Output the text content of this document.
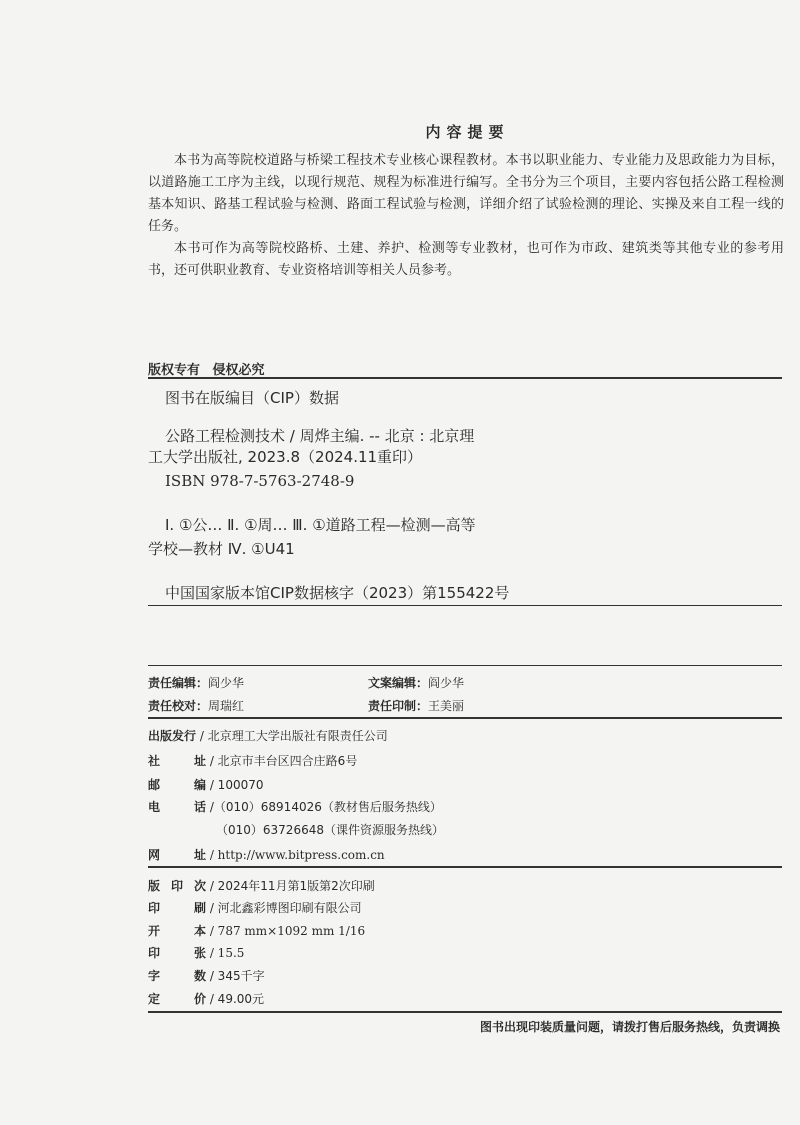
内容提要

本书为高等院校道路与桥梁工程技术专业核心课程教材。本书以职业能力、专业能力及思政能力为目标，以道路施工工序为主线，以现行规范、规程为标准进行编写。全书分为三个项目，主要内容包括公路工程检测基本知识、路基工程试验与检测、路面工程试验与检测，详细介绍了试验检测的理论、实操及来自工程一线的任务。

本书可作为高等院校路桥、土建、养护、检测等专业教材，也可作为市政、建筑类等其他专业的参考用书，还可供职业教育、专业资格培训等相关人员参考。

版权专有 侵权必究
图书在版编目（CIP）数据
公路工程检测技术 / 周烨主编. -- 北京 : 北京理
工大学出版社, 2023.8（2024.11重印）
ISBN 978-7-5763-2748-9
Ⅰ. ①公… Ⅱ. ①周… Ⅲ. ①道路工程—检测—高等
学校—教材 Ⅳ. ①U41
中国国家版本馆CIP数据核字（2023）第155422号
责任编辑：阎少华	文案编辑：阎少华
责任校对：周瑞红	责任印制：王美丽
出版发行 / 北京理工大学出版社有限责任公司
社 址 / 北京市丰台区四合庄路6号
邮 编 / 100070
电 话 /（010）68914026（教材售后服务热线）
（010）63726648（课件资源服务热线）
网 址 / http://www.bitpress.com.cn
版印次 / 2024年11月第1版第2次印刷
印 刷 / 河北鑫彩博图印刷有限公司
开 本 / 787 mm×1092 mm 1/16
印 张 / 15.5
字 数 / 345千字
定 价 / 49.00元
图书出现印装质量问题，请拨打售后服务热线，负责调换
